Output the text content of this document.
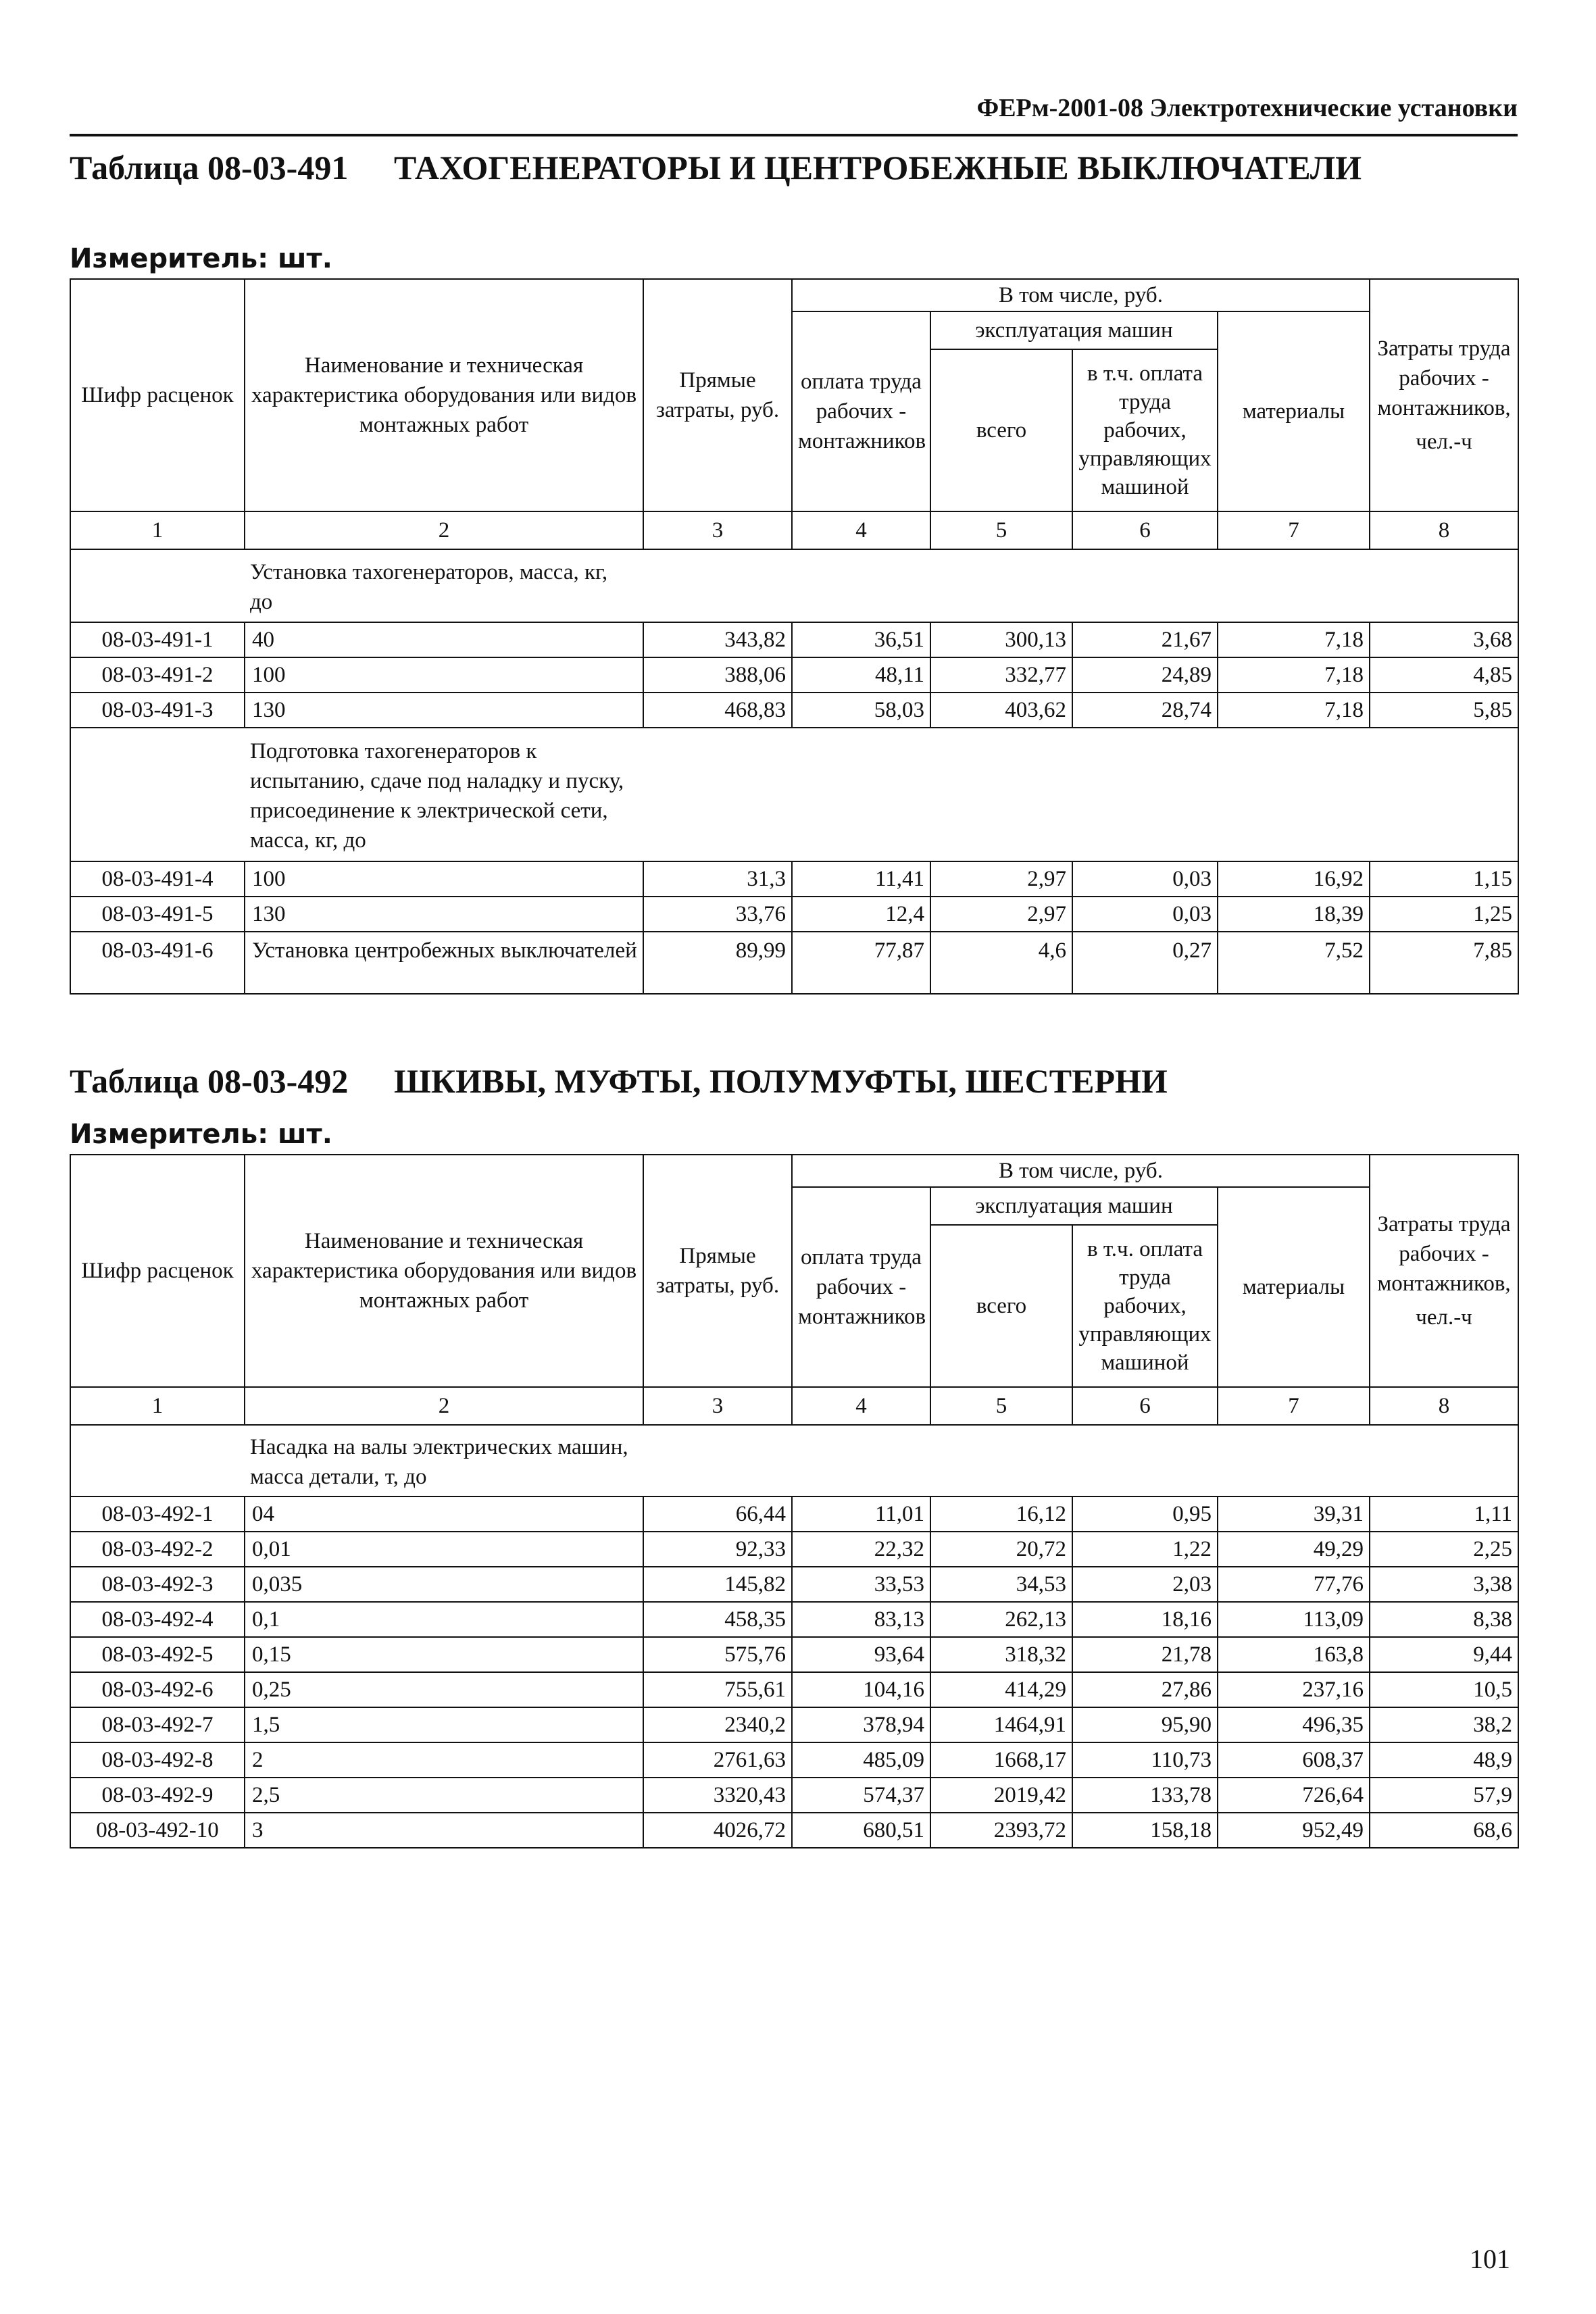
ФЕРм-2001-08 Электротехнические установки
Таблица 08-03-491 ТАХОГЕНЕРАТОРЫ И ЦЕНТРОБЕЖНЫЕ ВЫКЛЮЧАТЕЛИ
Измеритель: шт.
Шифр расценок	Наименование и техническая характеристика оборудования или видов монтажных работ	Прямые затраты, руб.	В том числе, руб.				Затраты труда рабочих - монтажников,
чел.-ч

			оплата труда рабочих - монтажников	эксплуатация машин		материалы	
				всего	в т.ч. оплата труда рабочих, управляющих машиной		

1	2	3	4	5	6	7	8

	Установка тахогенераторов, масса, кг, до						

08-03-491-1	40	343,82	36,51	300,13	21,67	7,18	3,68
08-03-491-2	100	388,06	48,11	332,77	24,89	7,18	4,85
08-03-491-3	130	468,83	58,03	403,62	28,74	7,18	5,85

	Подготовка тахогенераторов к испытанию, сдаче под наладку и пуску, присоединение к электрической сети, масса, кг, до						

08-03-491-4	100	31,3	11,41	2,97	0,03	16,92	1,15
08-03-491-5	130	33,76	12,4	2,97	0,03	18,39	1,25
08-03-491-6	Установка центробежных выключателей	89,99	77,87	4,6	0,27	7,52	7,85
Таблица 08-03-492 ШКИВЫ, МУФТЫ, ПОЛУМУФТЫ, ШЕСТЕРНИ
Измеритель: шт.
Шифр расценок	Наименование и техническая характеристика оборудования или видов монтажных работ	Прямые затраты, руб.	В том числе, руб.				Затраты труда рабочих - монтажников,
чел.-ч

			оплата труда рабочих - монтажников	эксплуатация машин		материалы	
				всего	в т.ч. оплата труда рабочих, управляющих машиной		

1	2	3	4	5	6	7	8

	Насадка на валы электрических машин, масса детали, т, до						

08-03-492-1	04	66,44	11,01	16,12	0,95	39,31	1,11
08-03-492-2	0,01	92,33	22,32	20,72	1,22	49,29	2,25
08-03-492-3	0,035	145,82	33,53	34,53	2,03	77,76	3,38
08-03-492-4	0,1	458,35	83,13	262,13	18,16	113,09	8,38
08-03-492-5	0,15	575,76	93,64	318,32	21,78	163,8	9,44
08-03-492-6	0,25	755,61	104,16	414,29	27,86	237,16	10,5
08-03-492-7	1,5	2340,2	378,94	1464,91	95,90	496,35	38,2
08-03-492-8	2	2761,63	485,09	1668,17	110,73	608,37	48,9
08-03-492-9	2,5	3320,43	574,37	2019,42	133,78	726,64	57,9
08-03-492-10	3	4026,72	680,51	2393,72	158,18	952,49	68,6
101
